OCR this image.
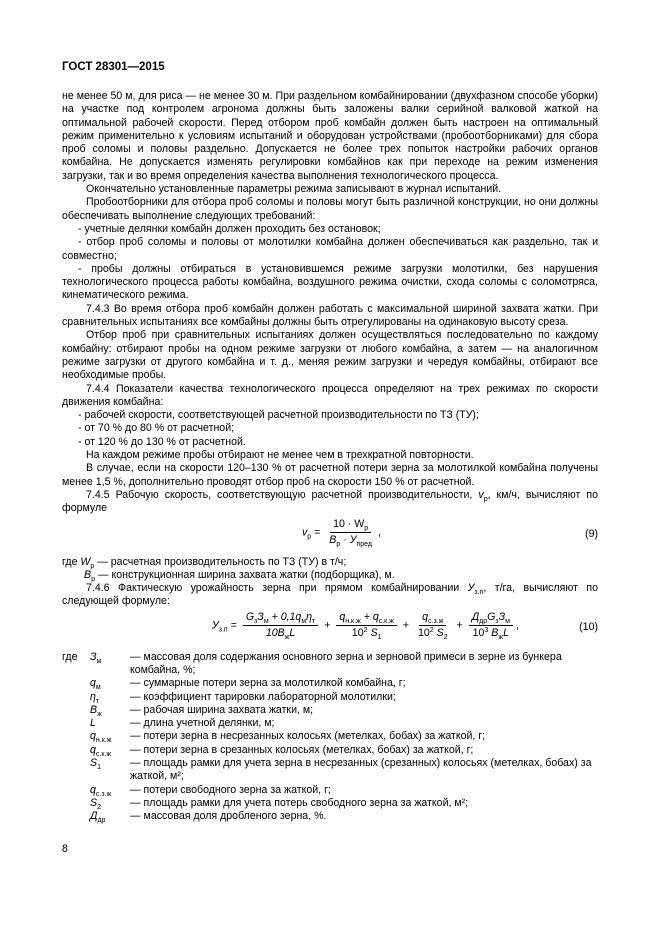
ГОСТ 28301—2015

не менее 50 м, для риса — не менее 30 м. При раздельном комбайнировании (двухфазном способе уборки) на участке под контролем агронома должны быть заложены валки серийной валковой жаткой на оптимальной рабочей скорости. Перед отбором проб комбайн должен быть настроен на оптимальный режим применительно к условиям испытаний и оборудован устройствами (пробоотборниками) для сбора проб соломы и половы раздельно. Допускается не более трех попыток настройки рабочих органов комбайна. Не допускается изменять регулировки комбайнов как при переходе на режим изменения загрузки, так и во время определения качества выполнения технологического процесса.

Окончательно установленные параметры режима записывают в журнал испытаний.

Пробоотборники для отбора проб соломы и половы могут быть различной конструкции, но они должны обеспечивать выполнение следующих требований:

- учетные делянки комбайн должен проходить без остановок;

- отбор проб соломы и половы от молотилки комбайна должен обеспечиваться как раздельно, так и совместно;

- пробы должны отбираться в установившемся режиме загрузки молотилки, без нарушения технологического процесса работы комбайна, воздушного режима очистки, схода соломы с соломотряса, кинематического режима.

7.4.3 Во время отбора проб комбайн должен работать с максимальной шириной захвата жатки. При сравнительных испытаниях все комбайны должны быть отрегулированы на одинаковую высоту среза.

Отбор проб при сравнительных испытаниях должен осуществляться последовательно по каждому комбайну: отбирают пробы на одном режиме загрузки от любого комбайна, а затем — на аналогичном режиме загрузки от другого комбайна и т. д., меняя режим загрузки и чередуя комбайны, отбирают все необходимые пробы.

7.4.4 Показатели качества технологического процесса определяют на трех режимах по скорости движения комбайна:

- рабочей скорости, соответствующей расчетной производительности по ТЗ (ТУ);

- от 70 % до 80 % от расчетной;

- от 120 % до 130 % от расчетной.

На каждом режиме пробы отбирают не менее чем в трехкратной повторности.

В случае, если на скорости 120–130 % от расчетной потери зерна за молотилкой комбайна получены менее 1,5 %, дополнительно проводят отбор проб на скорости 150 % от расчетной.

7.4.5 Рабочую скорость, соответствующую расчетной производительности, $v_р$, км/ч, вычисляют по формуле

$v_р = \frac{10 \cdot W_р}{B_р \cdot У_{пред}}$ ,	(9)

где $W_р$ — расчетная производительность по ТЗ (ТУ) в т/ч;

$B_р$ — конструкционная ширина захвата жатки (подборщика), м.

7.4.6 Фактическую урожайность зерна при прямом комбайнировании $У_{з.п}$, т/га, вычисляют по следующей формуле:

$У_{з.п} = \frac{G_зЗ_м + 0,1q_м\eta_т}{10B_жL} + \frac{q_{н.к.ж} + q_{с.к.ж}}{10^2 S_1} + \frac{q_{с.з.ж}}{10^2 S_2} + \frac{Д_{др}G_зЗ_м}{10^3 B_жL}$ ,	(10)
где	$З_м$	— массовая доля содержания основного зерна и зерновой примеси в зерне из бункера комбайна, %;
$q_м$	— суммарные потери зерна за молотилкой комбайна, г;
$\eta_т$	— коэффициент тарировки лабораторной молотилки;
$B_ж$	— рабочая ширина захвата жатки, м;
L	— длина учетной делянки, м;
$q_{н.к.ж}$	— потери зерна в несрезанных колосьях (метелках, бобах) за жаткой, г;
$q_{с.к.ж}$	— потери зерна в срезанных колосьях (метелках, бобах) за жаткой, г;
$S_1$	— площадь рамки для учета зерна в несрезанных (срезанных) колосьях (метелках, бобах) за жаткой, м²;
$q_{с.з.ж}$	— потери свободного зерна за жаткой, г;
$S_2$	— площадь рамки для учета потерь свободного зерна за жаткой, м²;
$Д_{др}$	— массовая доля дробленого зерна, %.
8
